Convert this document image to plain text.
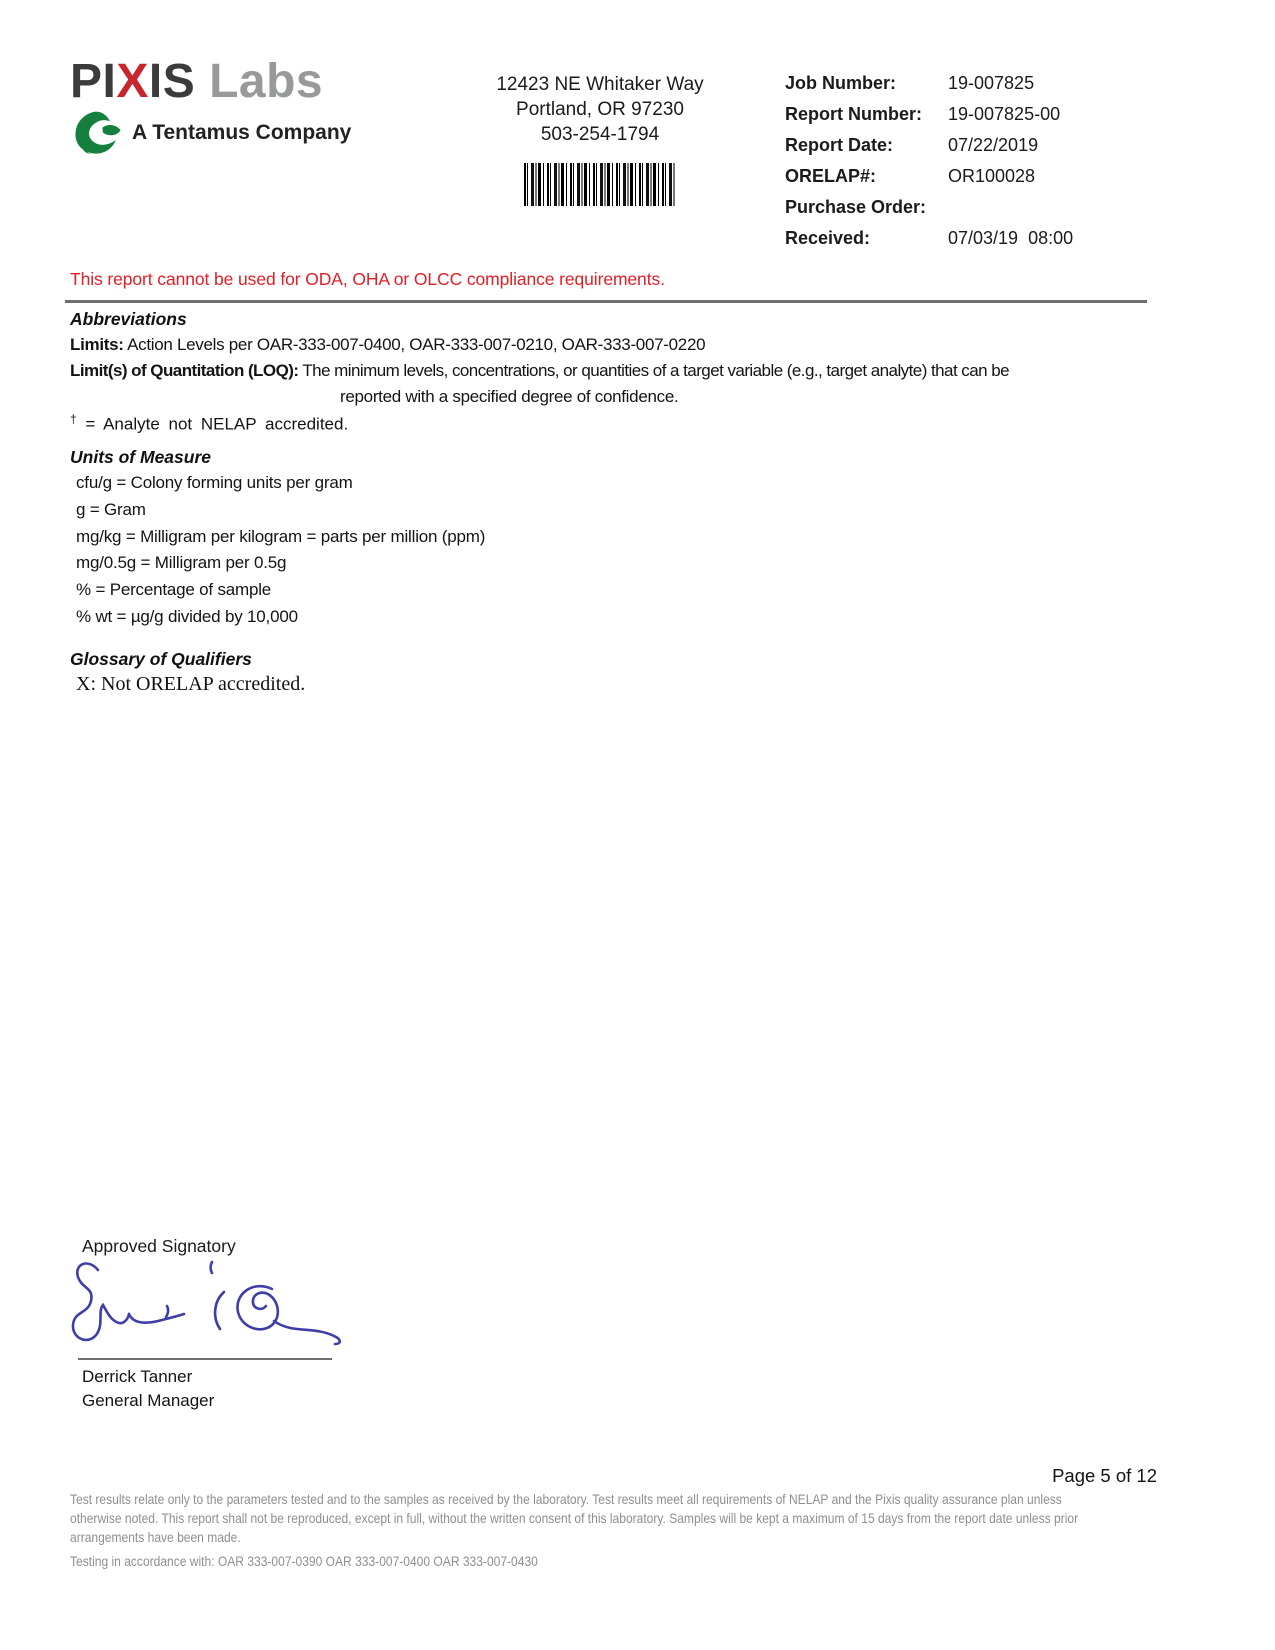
PIXIS Labs
A Tentamus Company
12423 NE Whitaker Way
Portland, OR 97230
503-254-1794
Job Number:	19-007825
Report Number:	19-007825-00
Report Date:	07/22/2019
ORELAP#:	OR100028
Purchase Order:
Received:	07/03/19  08:00
This report cannot be used for ODA, OHA or OLCC compliance requirements.
Abbreviations
Limits: Action Levels per OAR-333-007-0400, OAR-333-007-0210, OAR-333-007-0220
Limit(s) of Quantitation (LOQ): The minimum levels, concentrations, or quantities of a target variable (e.g., target analyte) that can be
reported with a specified degree of confidence.
† = Analyte not NELAP accredited.
Units of Measure
cfu/g = Colony forming units per gram
g = Gram
mg/kg = Milligram per kilogram = parts per million (ppm)
mg/0.5g = Milligram per 0.5g
% = Percentage of sample
% wt = µg/g divided by 10,000
Glossary of Qualifiers
X: Not ORELAP accredited.
Approved Signatory
Derrick Tanner
General Manager
Page 5 of 12
Test results relate only to the parameters tested and to the samples as received by the laboratory. Test results meet all requirements of NELAP and the Pixis quality assurance plan unless
otherwise noted. This report shall not be reproduced, except in full, without the written consent of this laboratory. Samples will be kept a maximum of 15 days from the report date unless prior
arrangements have been made.
Testing in accordance with: OAR 333-007-0390 OAR 333-007-0400 OAR 333-007-0430
